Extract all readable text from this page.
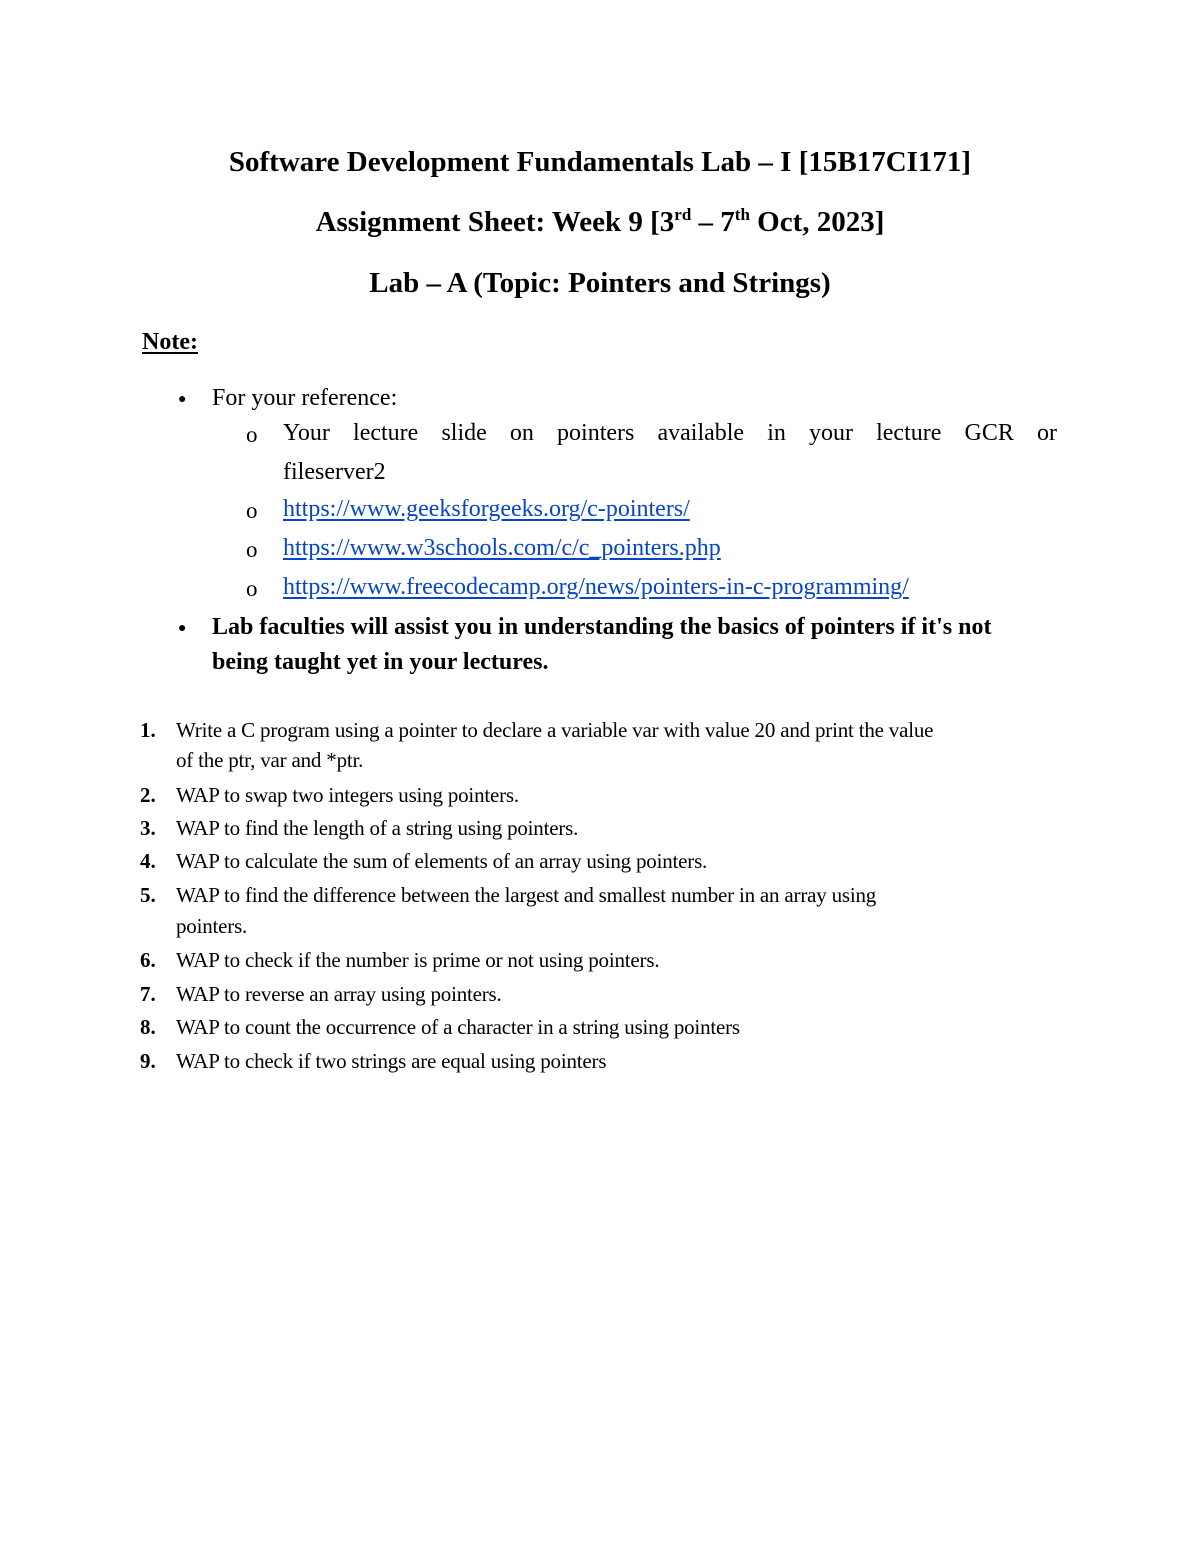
Software Development Fundamentals Lab – I [15B17CI171]
Assignment Sheet: Week 9 [3rd – 7th Oct, 2023]
Lab – A (Topic: Pointers and Strings)
Note:
● For your reference:
o Your lecture slide on pointers available in your lecture GCR or
fileserver2
o https://www.geeksforgeeks.org/c-pointers/
o https://www.w3schools.com/c/c_pointers.php
o https://www.freecodecamp.org/news/pointers-in-c-programming/
● Lab faculties will assist you in understanding the basics of pointers if it's not
being taught yet in your lectures.
1. Write a C program using a pointer to declare a variable var with value 20 and print the value
of the ptr, var and *ptr.
2. WAP to swap two integers using pointers.
3. WAP to find the length of a string using pointers.
4. WAP to calculate the sum of elements of an array using pointers.
5. WAP to find the difference between the largest and smallest number in an array using
pointers.
6. WAP to check if the number is prime or not using pointers.
7. WAP to reverse an array using pointers.
8. WAP to count the occurrence of a character in a string using pointers
9. WAP to check if two strings are equal using pointers
